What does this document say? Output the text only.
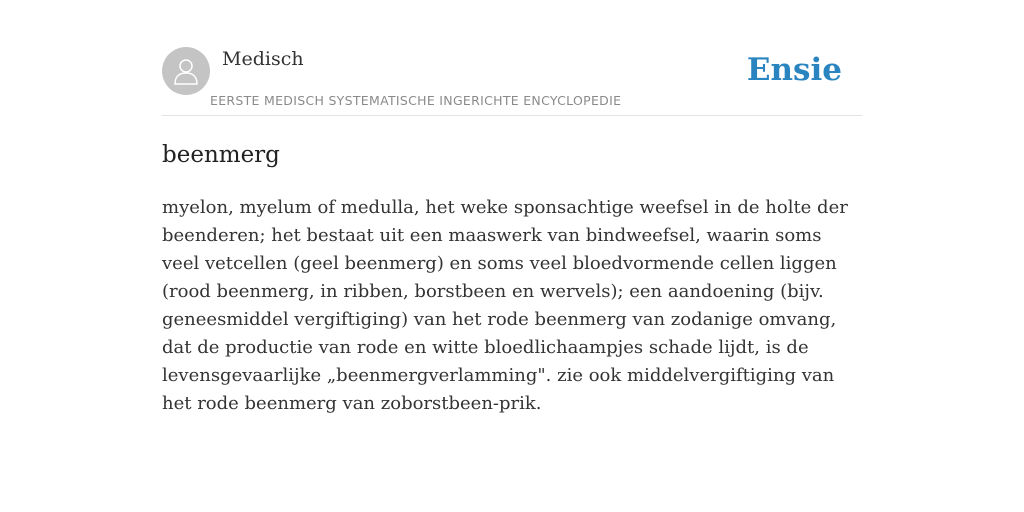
Medisch
EERSTE MEDISCH SYSTEMATISCHE INGERICHTE ENCYCLOPEDIE
Ensie
beenmerg

myelon, myelum of medulla, het weke sponsachtige weefsel in de holte der beenderen; het bestaat uit een maaswerk van bindweefsel, waarin soms veel vetcellen (geel beenmerg) en soms veel bloedvormende cellen liggen (rood beenmerg, in ribben, borstbeen en wervels); een aandoening (bijv. geneesmiddel vergiftiging) van het rode beenmerg van zodanige omvang, dat de productie van rode en witte bloedlichaampjes schade lijdt, is de levensgevaarlijke „beenmergverlamming". zie ook middelvergiftiging van het rode beenmerg van zoborstbeen-prik.
